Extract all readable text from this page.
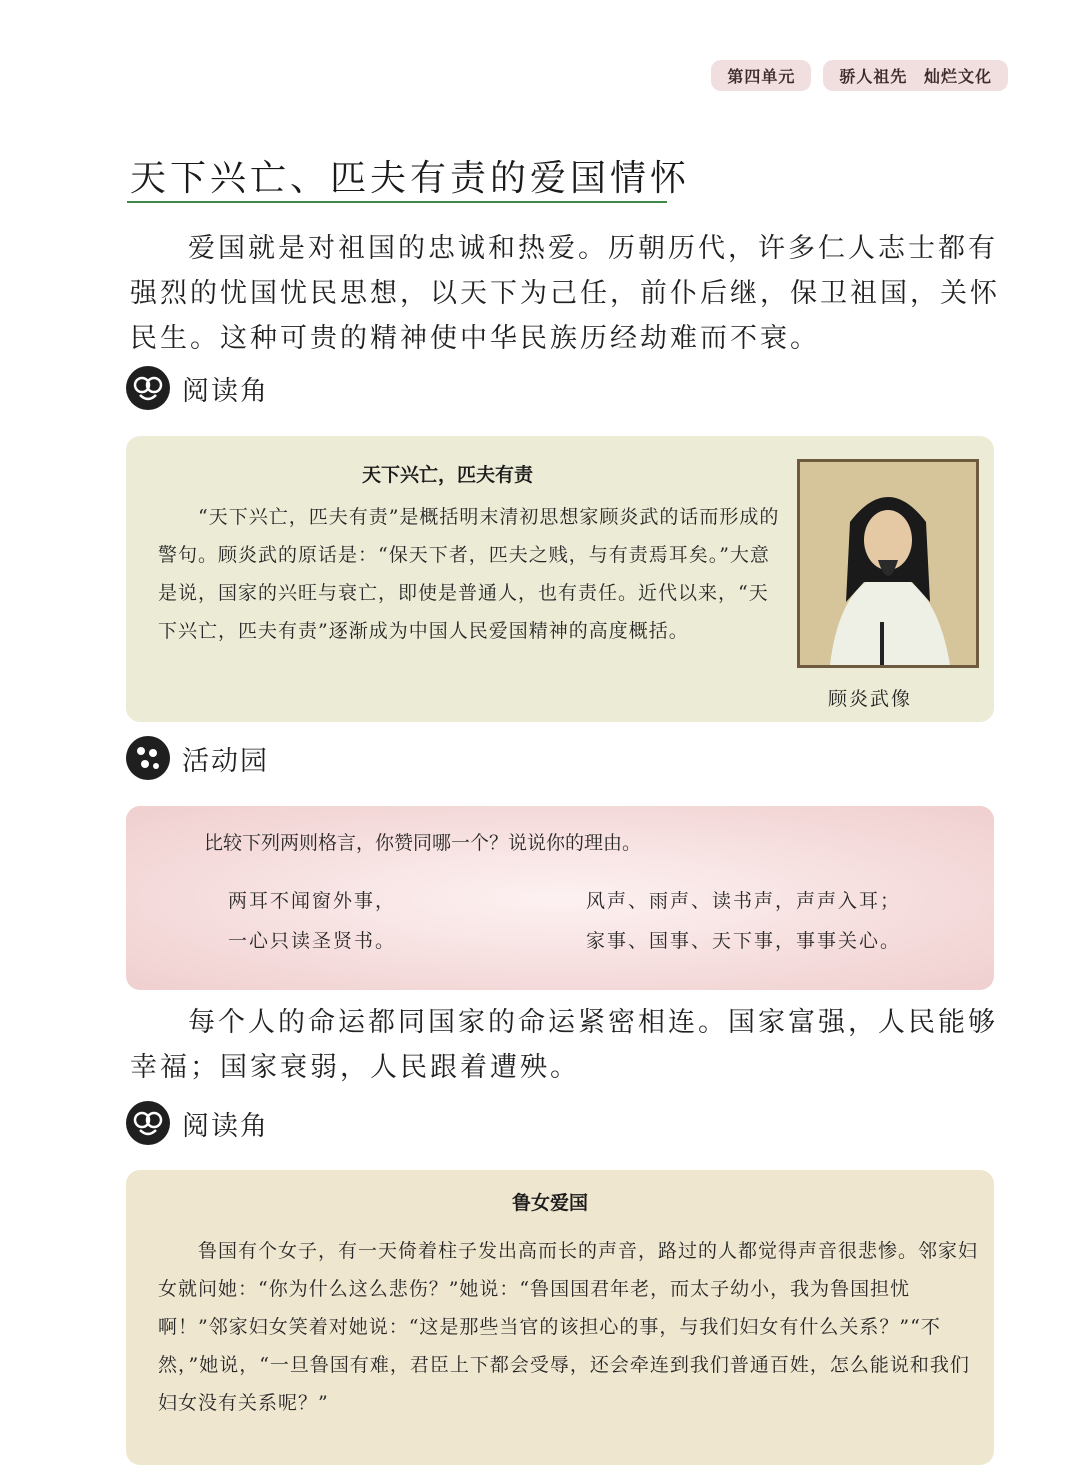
第四单元	骄人祖先 灿烂文化
天下兴亡、匹夫有责的爱国情怀
爱国就是对祖国的忠诚和热爱。历朝历代，许多仁人志士都有强烈的忧国忧民思想，以天下为己任，前仆后继，保卫祖国，关怀民生。这种可贵的精神使中华民族历经劫难而不衰。
阅读角
天下兴亡，匹夫有责
“天下兴亡，匹夫有责”是概括明末清初思想家顾炎武的话而形成的警句。顾炎武的原话是：“保天下者，匹夫之贱，与有责焉耳矣。”大意是说，国家的兴旺与衰亡，即使是普通人，也有责任。近代以来，“天下兴亡，匹夫有责”逐渐成为中国人民爱国精神的高度概括。
顾炎武像
活动园
比较下列两则格言，你赞同哪一个？说说你的理由。
两耳不闻窗外事，
一心只读圣贤书。
风声、雨声、读书声，声声入耳；
家事、国事、天下事，事事关心。
每个人的命运都同国家的命运紧密相连。国家富强，人民能够幸福；国家衰弱，人民跟着遭殃。
阅读角
鲁女爱国
鲁国有个女子，有一天倚着柱子发出高而长的声音，路过的人都觉得声音很悲惨。邻家妇女就问她：“你为什么这么悲伤？”她说：“鲁国国君年老，而太子幼小，我为鲁国担忧啊！”邻家妇女笑着对她说：“这是那些当官的该担心的事，与我们妇女有什么关系？”“不然，”她说，“一旦鲁国有难，君臣上下都会受辱，还会牵连到我们普通百姓，怎么能说和我们妇女没有关系呢？”
